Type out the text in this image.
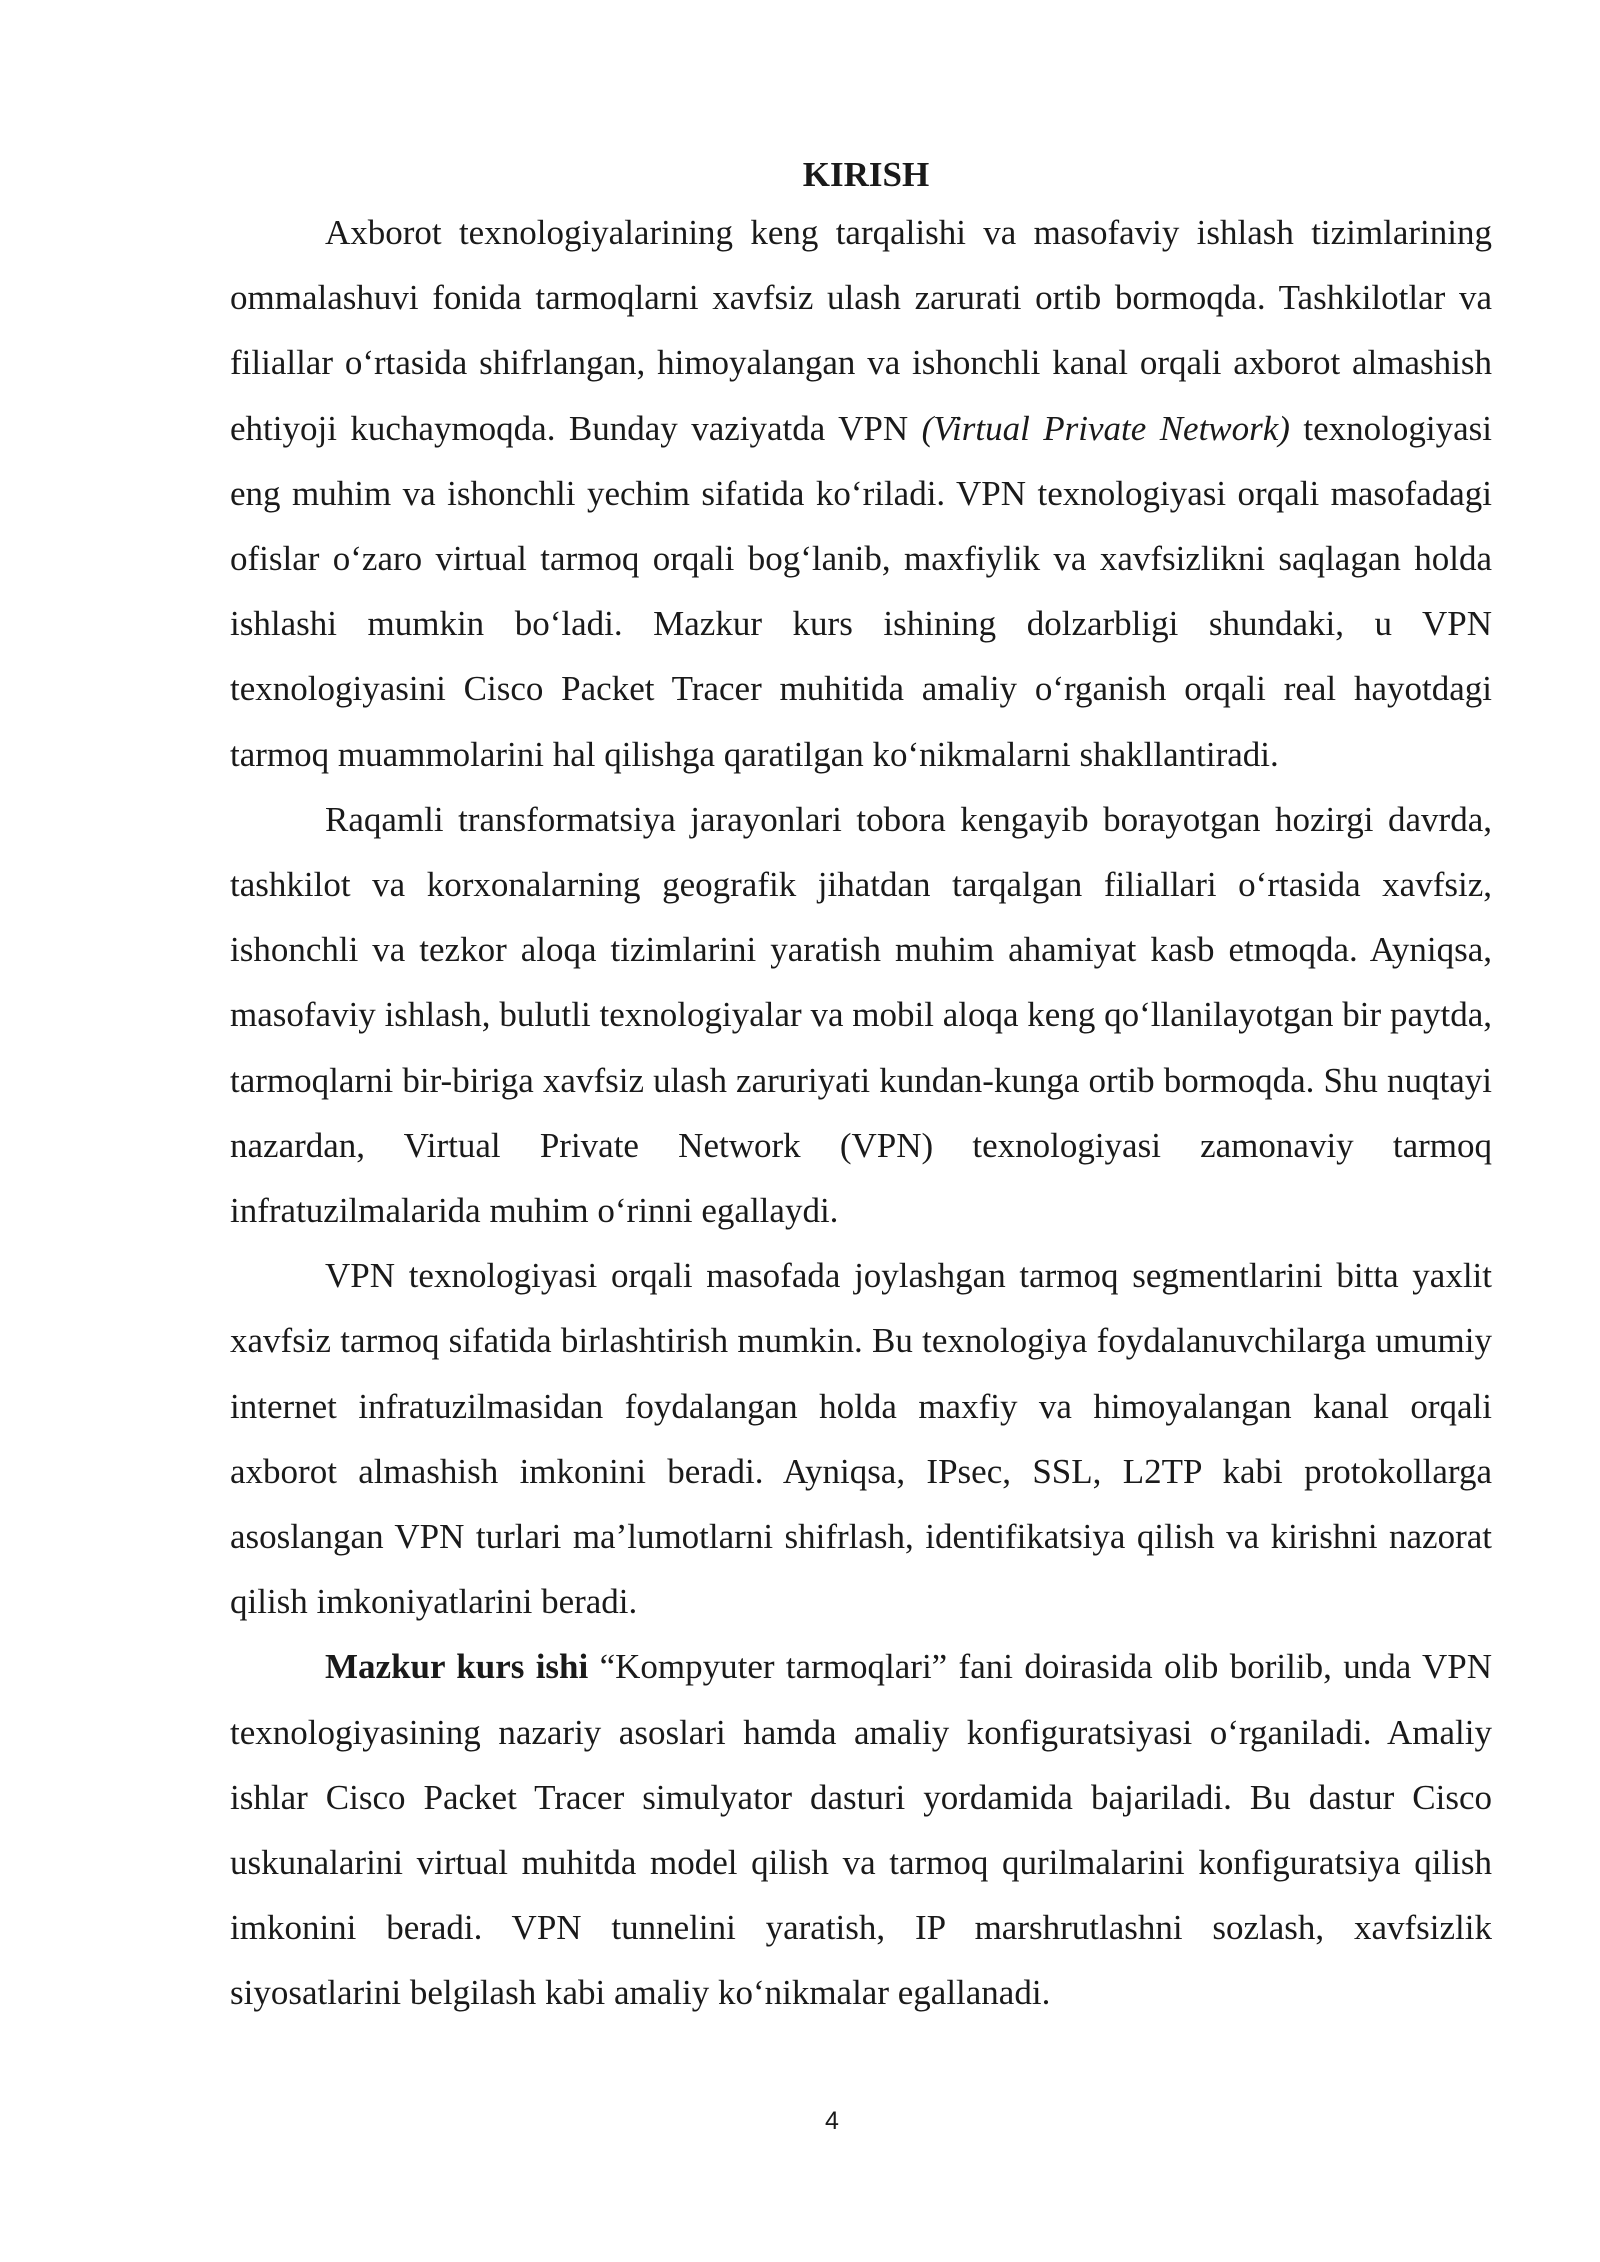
KIRISH

Axborot texnologiyalarining keng tarqalishi va masofaviy ishlash tizimlarining ommalashuvi fonida tarmoqlarni xavfsiz ulash zarurati ortib bormoqda. Tashkilotlar va filiallar o‘rtasida shifrlangan, himoyalangan va ishonchli kanal orqali axborot almashish ehtiyoji kuchaymoqda. Bunday vaziyatda VPN (Virtual Private Network) texnologiyasi eng muhim va ishonchli yechim sifatida ko‘riladi. VPN texnologiyasi orqali masofadagi ofislar o‘zaro virtual tarmoq orqali bog‘lanib, maxfiylik va xavfsizlikni saqlagan holda ishlashi mumkin bo‘ladi. Mazkur kurs ishining dolzarbligi shundaki, u VPN texnologiyasini Cisco Packet Tracer muhitida amaliy o‘rganish orqali real hayotdagi tarmoq muammolarini hal qilishga qaratilgan ko‘nikmalarni shakllantiradi.

Raqamli transformatsiya jarayonlari tobora kengayib borayotgan hozirgi davrda, tashkilot va korxonalarning geografik jihatdan tarqalgan filiallari o‘rtasida xavfsiz, ishonchli va tezkor aloqa tizimlarini yaratish muhim ahamiyat kasb etmoqda. Ayniqsa, masofaviy ishlash, bulutli texnologiyalar va mobil aloqa keng qo‘llanilayotgan bir paytda, tarmoqlarni bir-biriga xavfsiz ulash zaruriyati kundan-kunga ortib bormoqda. Shu nuqtayi nazardan, Virtual Private Network (VPN) texnologiyasi zamonaviy tarmoq infratuzilmalarida muhim o‘rinni egallaydi.

VPN texnologiyasi orqali masofada joylashgan tarmoq segmentlarini bitta yaxlit xavfsiz tarmoq sifatida birlashtirish mumkin. Bu texnologiya foydalanuvchilarga umumiy internet infratuzilmasidan foydalangan holda maxfiy va himoyalangan kanal orqali axborot almashish imkonini beradi. Ayniqsa, IPsec, SSL, L2TP kabi protokollarga asoslangan VPN turlari ma’lumotlarni shifrlash, identifikatsiya qilish va kirishni nazorat qilish imkoniyatlarini beradi.

Mazkur kurs ishi “Kompyuter tarmoqlari” fani doirasida olib borilib, unda VPN texnologiyasining nazariy asoslari hamda amaliy konfiguratsiyasi o‘rganiladi. Amaliy ishlar Cisco Packet Tracer simulyator dasturi yordamida bajariladi. Bu dastur Cisco uskunalarini virtual muhitda model qilish va tarmoq qurilmalarini konfiguratsiya qilish imkonini beradi. VPN tunnelini yaratish, IP marshrutlashni sozlash, xavfsizlik siyosatlarini belgilash kabi amaliy ko‘nikmalar egallanadi.

4
